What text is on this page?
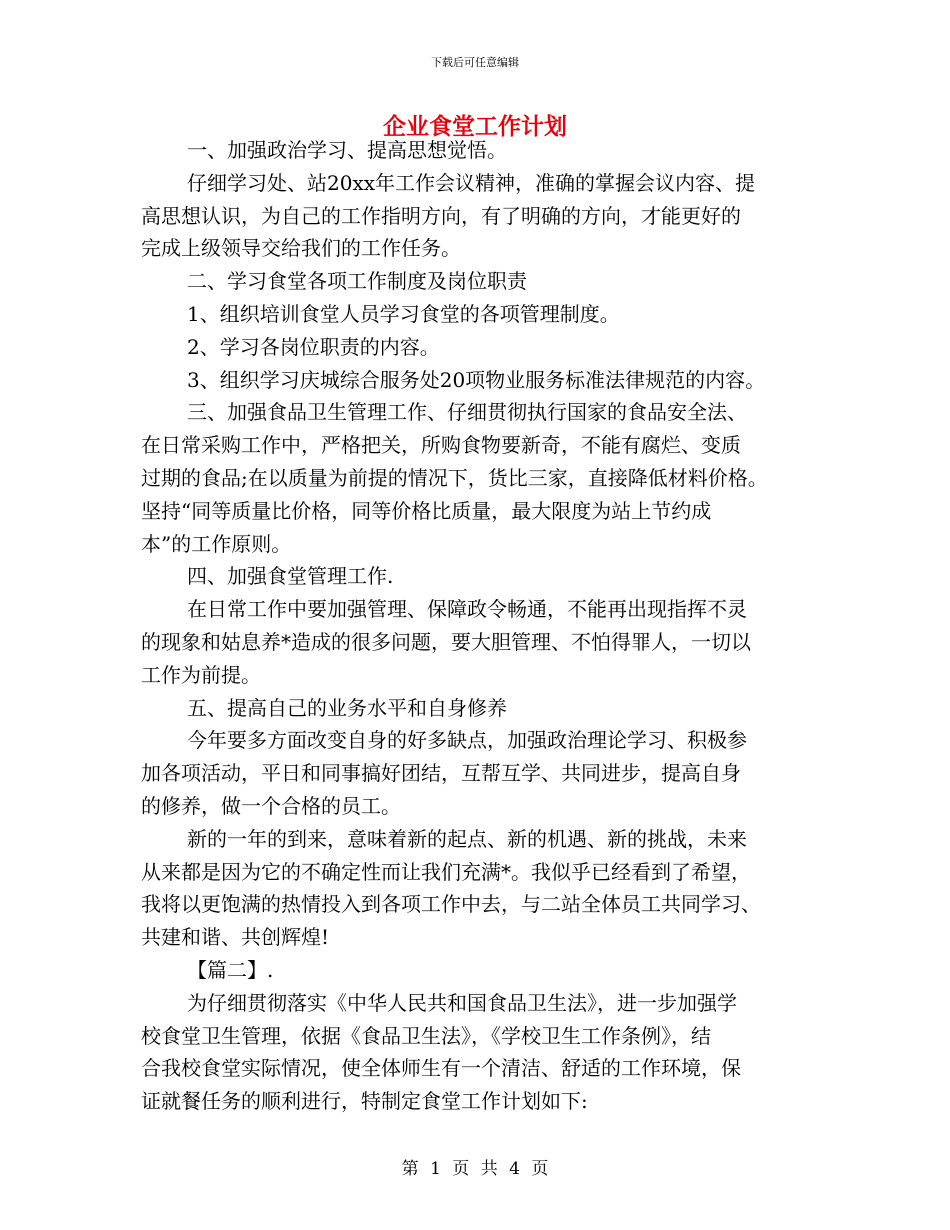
下载后可任意编辑
企业食堂工作计划
一、加强政治学习、提高思想觉悟。
仔细学习处、站20xx年工作会议精神，准确的掌握会议内容、提
高思想认识，为自己的工作指明方向，有了明确的方向，才能更好的
完成上级领导交给我们的工作任务。
二、学习食堂各项工作制度及岗位职责
1、组织培训食堂人员学习食堂的各项管理制度。
2、学习各岗位职责的内容。
3、组织学习庆城综合服务处20项物业服务标准法律规范的内容。
三、加强食品卫生管理工作、仔细贯彻执行国家的食品安全法、
在日常采购工作中，严格把关，所购食物要新奇，不能有腐烂、变质
过期的食品;在以质量为前提的情况下，货比三家，直接降低材料价格。
坚持“同等质量比价格，同等价格比质量，最大限度为站上节约成
本”的工作原则。
四、加强食堂管理工作.
在日常工作中要加强管理、保障政令畅通，不能再出现指挥不灵
的现象和姑息养*造成的很多问题，要大胆管理、不怕得罪人，一切以
工作为前提。
五、提高自己的业务水平和自身修养
今年要多方面改变自身的好多缺点，加强政治理论学习、积极参
加各项活动，平日和同事搞好团结，互帮互学、共同进步，提高自身
的修养，做一个合格的员工。
新的一年的到来，意味着新的起点、新的机遇、新的挑战，未来
从来都是因为它的不确定性而让我们充满*。我似乎已经看到了希望，
我将以更饱满的热情投入到各项工作中去，与二站全体员工共同学习、
共建和谐、共创辉煌!
【篇二】.
为仔细贯彻落实《中华人民共和国食品卫生法》，进一步加强学
校食堂卫生管理，依据《食品卫生法》，《学校卫生工作条例》，结
合我校食堂实际情况，使全体师生有一个清洁、舒适的工作环境，保
证就餐任务的顺利进行，特制定食堂工作计划如下:
第 1 页 共 4 页
